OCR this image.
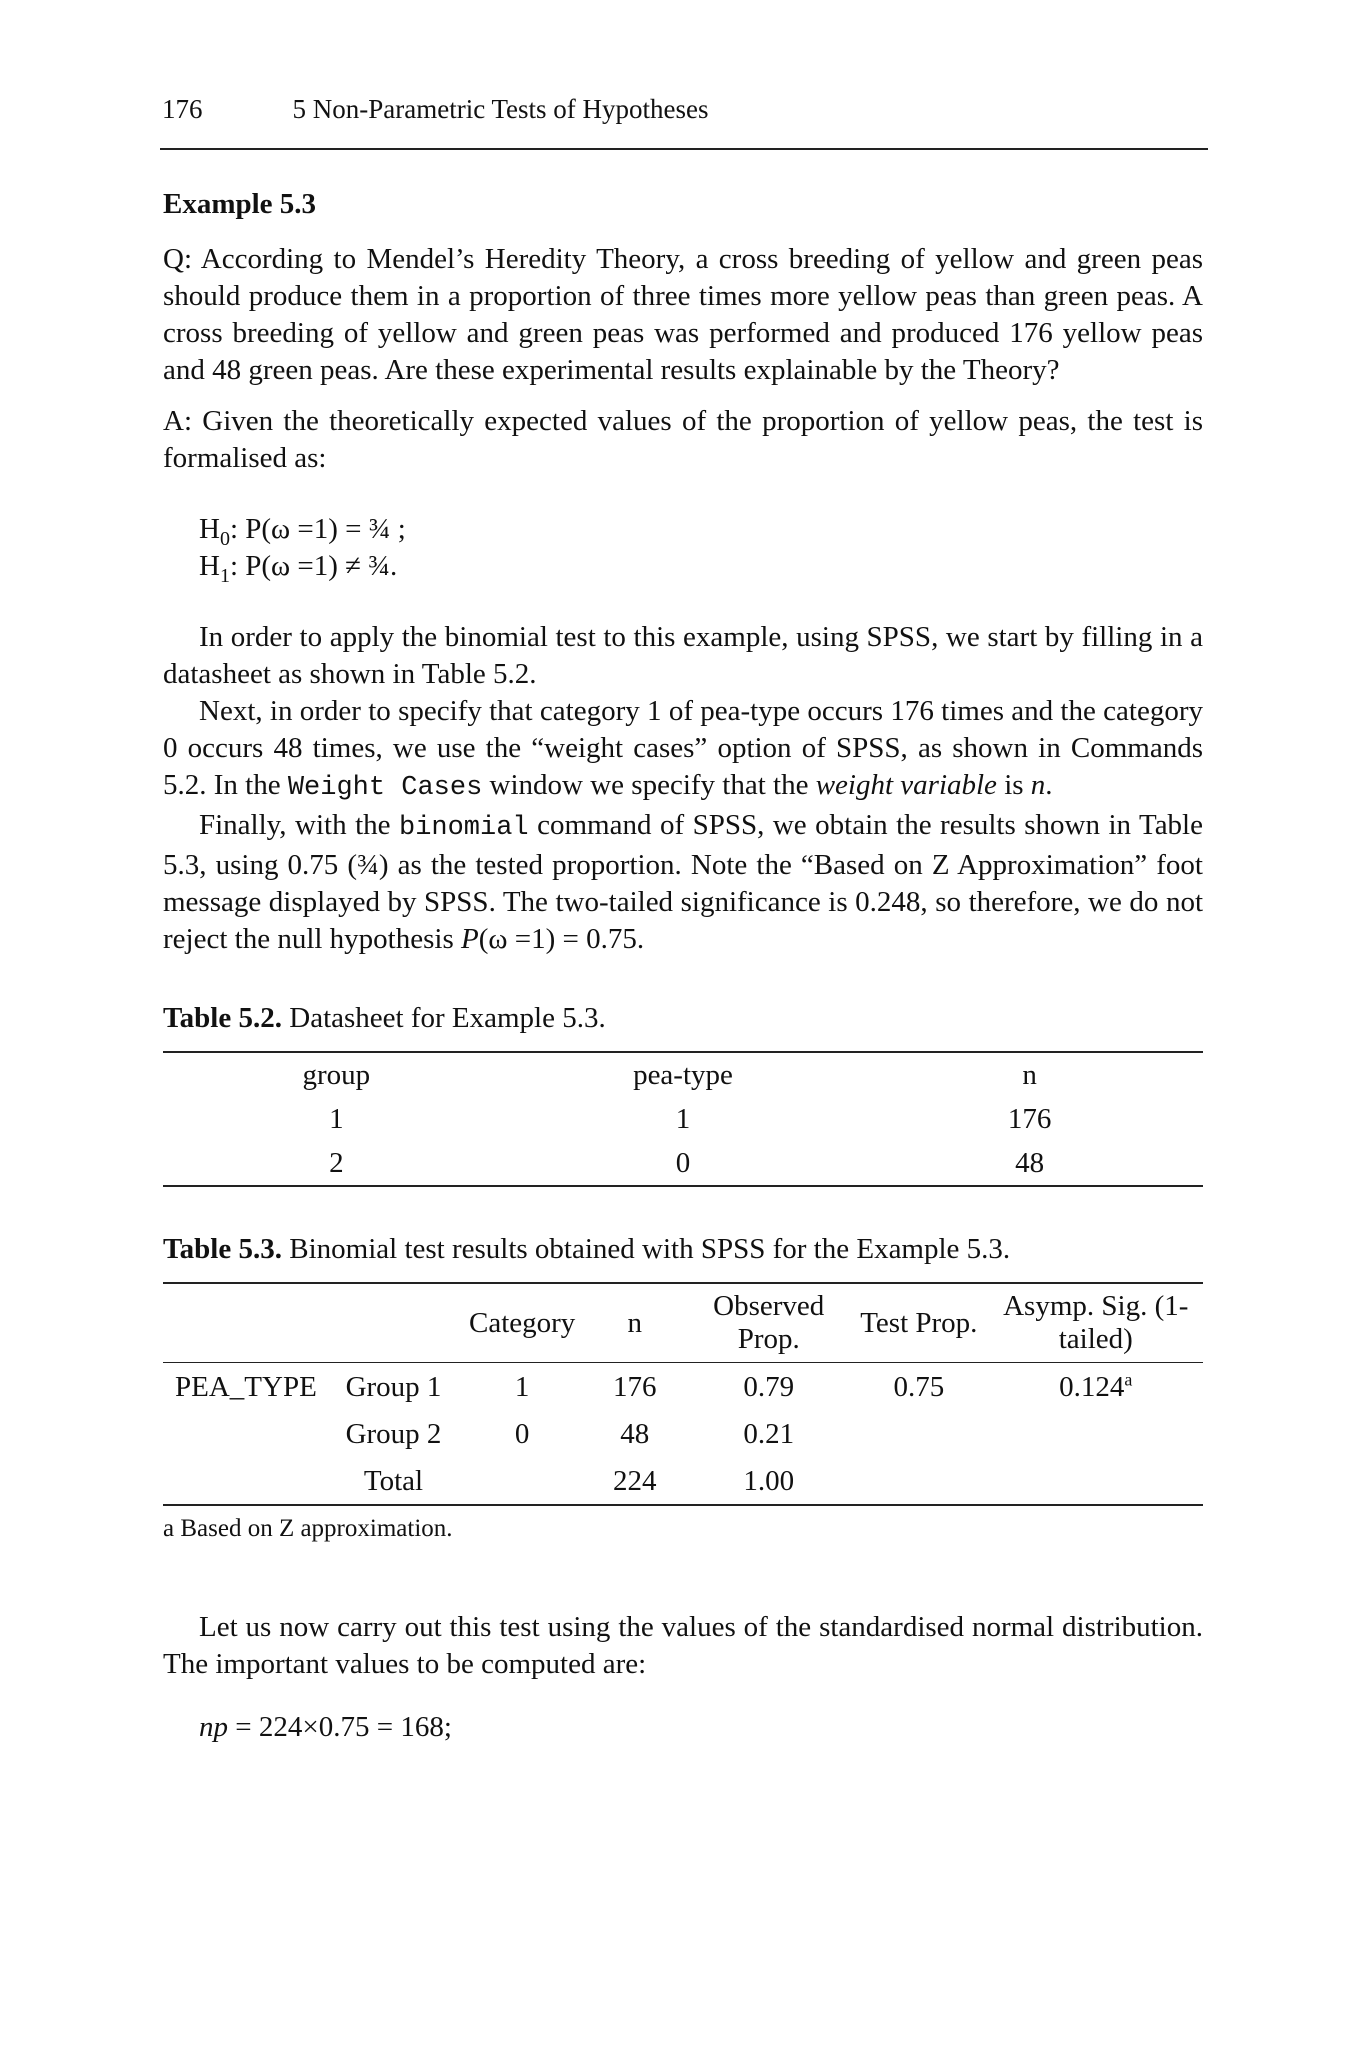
176	5 Non-Parametric Tests of Hypotheses

Example 5.3

Q: According to Mendel’s Heredity Theory, a cross breeding of yellow and green peas should produce them in a proportion of three times more yellow peas than green peas. A cross breeding of yellow and green peas was performed and produced 176 yellow peas and 48 green peas. Are these experimental results explainable by the Theory?

A: Given the theoretically expected values of the proportion of yellow peas, the test is formalised as:

$H_0$: P(ω =1) = ¾ ;
$H_1$: P(ω =1) ≠ ¾.

In order to apply the binomial test to this example, using SPSS, we start by filling in a datasheet as shown in Table 5.2.

Next, in order to specify that category 1 of pea-type occurs 176 times and the category 0 occurs 48 times, we use the “weight cases” option of SPSS, as shown in Commands 5.2. In the Weight Cases window we specify that the weight variable is n.

Finally, with the binomial command of SPSS, we obtain the results shown in Table 5.3, using 0.75 (¾) as the tested proportion. Note the “Based on Z Approximation” foot message displayed by SPSS. The two-tailed significance is 0.248, so therefore, we do not reject the null hypothesis P(ω =1) = 0.75.

Table 5.2. Datasheet for Example 5.3.

group	pea-type	n
1	1	176
2	0	48

Table 5.3. Binomial test results obtained with SPSS for the Example 5.3.

		Category	n	Observed Prop.	Test Prop.	Asymp. Sig. (1-tailed)
PEA_TYPE	Group 1	1	176	0.79	0.75	0.124$^a$
	Group 2	0	48	0.21		
	Total		224	1.00		

a Based on Z approximation.

Let us now carry out this test using the values of the standardised normal distribution. The important values to be computed are:

np = 224×0.75 = 168;
